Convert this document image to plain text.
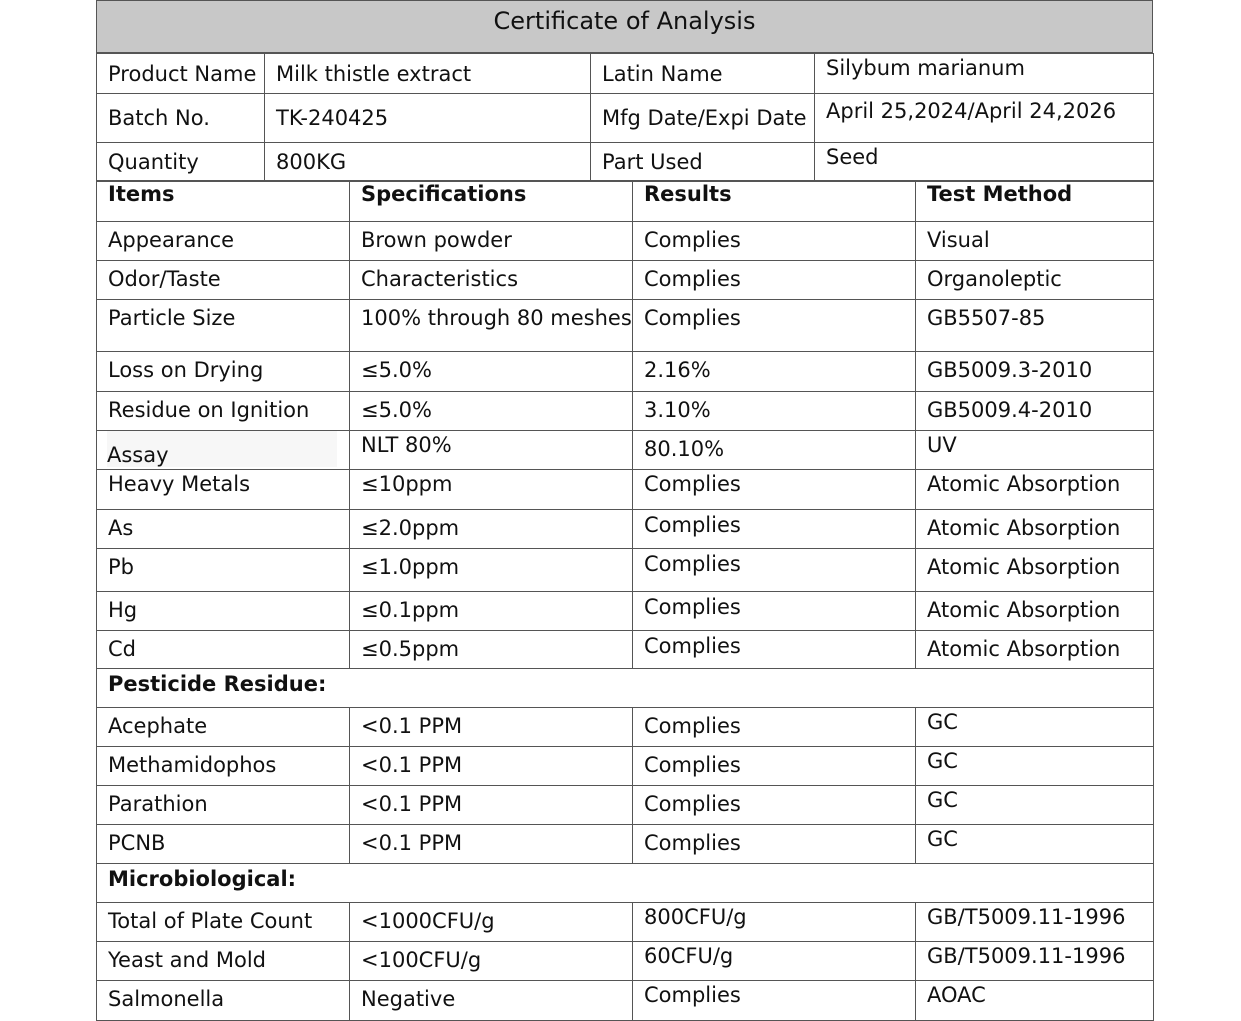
Certificate of Analysis
Product Name	Milk thistle extract	Latin Name	Silybum marianum
Batch No.	TK-240425	Mfg Date/Expi Date	April 25,2024/April 24,2026
Quantity	800KG	Part Used	Seed
Items	Specifications	Results	Test Method
Appearance	Brown powder	Complies	Visual
Odor/Taste	Characteristics	Complies	Organoleptic
Particle Size	100% through 80 meshes	Complies	GB5507-85
Loss on Drying	≤5.0%	2.16%	GB5009.3-2010
Residue on Ignition	≤5.0%	3.10%	GB5009.4-2010
Assay	NLT 80%	80.10%	UV
Heavy Metals	≤10ppm	Complies	Atomic Absorption
As	≤2.0ppm	Complies	Atomic Absorption
Pb	≤1.0ppm	Complies	Atomic Absorption
Hg	≤0.1ppm	Complies	Atomic Absorption
Cd	≤0.5ppm	Complies	Atomic Absorption
Pesticide Residue:			
Acephate	<0.1 PPM	Complies	GC
Methamidophos	<0.1 PPM	Complies	GC
Parathion	<0.1 PPM	Complies	GC
PCNB	<0.1 PPM	Complies	GC
Microbiological:			
Total of Plate Count	<1000CFU/g	800CFU/g	GB/T5009.11-1996
Yeast and Mold	<100CFU/g	60CFU/g	GB/T5009.11-1996
Salmonella	Negative	Complies	AOAC
